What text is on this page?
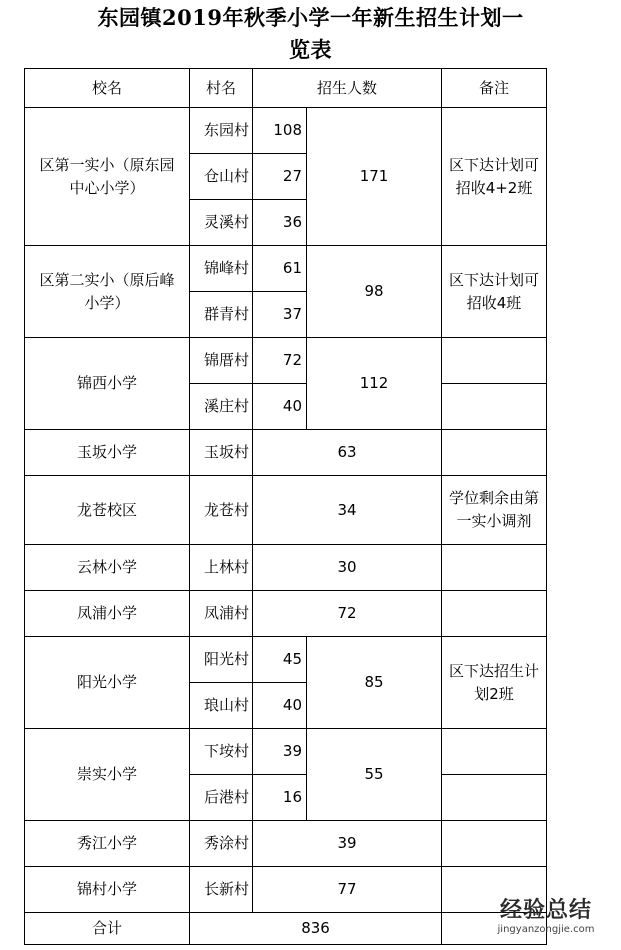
东园镇2019年秋季小学一年新生招生计划一
览表
校名	村名	招生人数		备注
区第一实小（原东园中心小学）	东园村	108	171	区下达计划可招收4+2班
	仓山村	27		
	灵溪村	36		
区第二实小（原后峰小学）	锦峰村	61	98	区下达计划可招收4班
	群青村	37		
锦西小学	锦厝村	72	112	
	溪庄村	40		
玉坂小学	玉坂村	63		
龙苍校区	龙苍村	34		学位剩余由第一实小调剂
云林小学	上林村	30		
凤浦小学	凤浦村	72		
阳光小学	阳光村	45	85	区下达招生计划2班
	琅山村	40		
崇实小学	下垵村	39	55	
	后港村	16		
秀江小学	秀涂村	39		
锦村小学	长新村	77		
合计	836			
经验总结
jingyanzongjie.com
